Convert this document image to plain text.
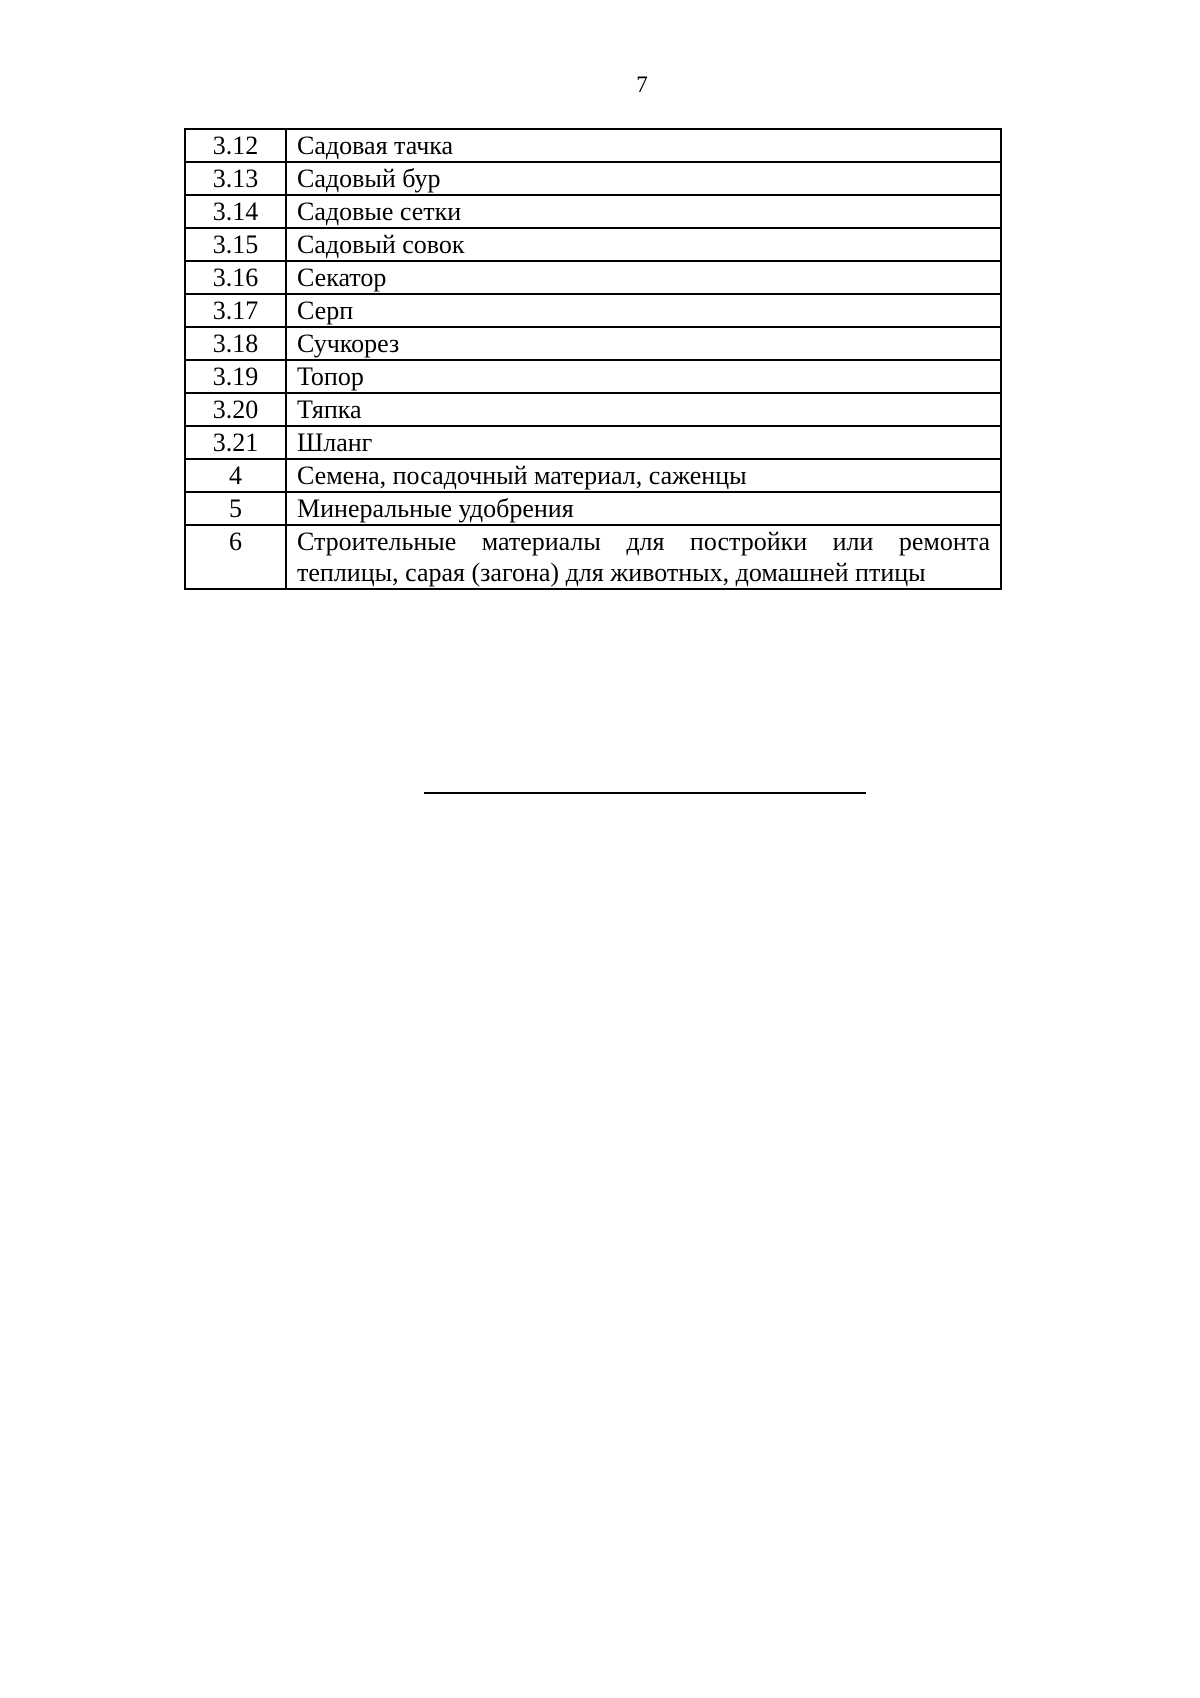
7
3.12	Садовая тачка
3.13	Садовый бур
3.14	Садовые сетки
3.15	Садовый совок
3.16	Секатор
3.17	Серп
3.18	Сучкорез
3.19	Топор
3.20	Тяпка
3.21	Шланг
4	Семена, посадочный материал, саженцы
5	Минеральные удобрения
6	Строительные материалы для постройки или ремонта теплицы, сарая (загона) для животных, домашней птицы
